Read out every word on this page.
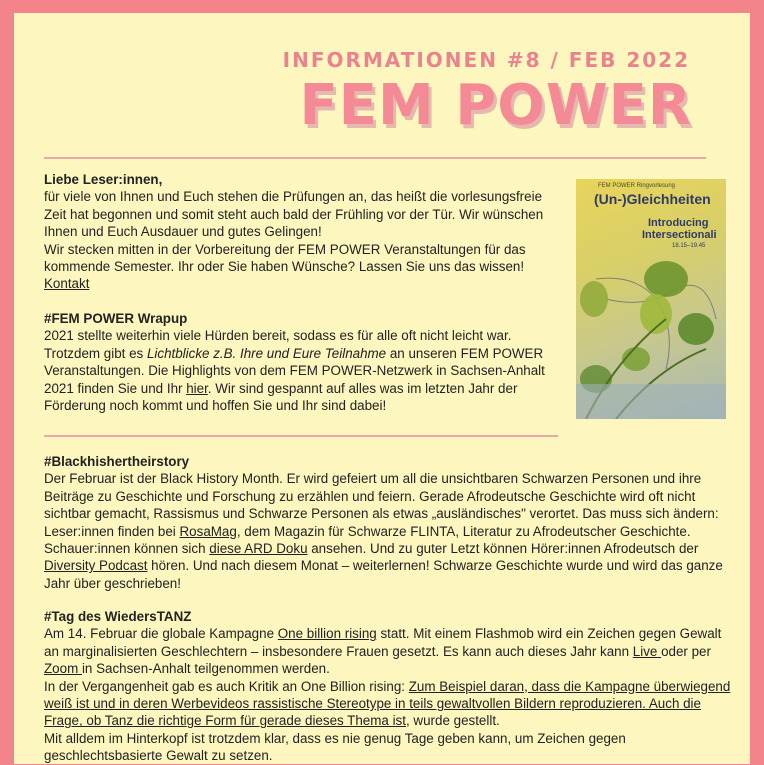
INFORMATIONEN #8 / FEB 2022
FEM POWER

Liebe Leser:innen,

für viele von Ihnen und Euch stehen die Prüfungen an, das heißt die vorlesungsfreie Zeit hat begonnen und somit steht auch bald der Frühling vor der Tür. Wir wünschen Ihnen und Euch Ausdauer und gutes Gelingen!

Wir stecken mitten in der Vorbereitung der FEM POWER Veranstaltungen für das kommende Semester. Ihr oder Sie haben Wünsche? Lassen Sie uns das wissen!

Kontakt

#FEM POWER Wrapup

2021 stellte weiterhin viele Hürden bereit, sodass es für alle oft nicht leicht war. Trotzdem gibt es Lichtblicke z.B. Ihre und Eure Teilnahme an unseren FEM POWER Veranstaltungen. Die Highlights von dem FEM POWER-Netzwerk in Sachsen-Anhalt 2021 finden Sie und Ihr hier. Wir sind gespannt auf alles was im letzten Jahr der Förderung noch kommt und hoffen Sie und Ihr sind dabei!

FEM POWER Ringvorlesung
(Un-)Gleichheiten
Introducing
Intersectionali
18.15–19.45

#Blackhishertheirstory

Der Februar ist der Black History Month. Er wird gefeiert um all die unsichtbaren Schwarzen Personen und ihre Beiträge zu Geschichte und Forschung zu erzählen und feiern. Gerade Afrodeutsche Geschichte wird oft nicht sichtbar gemacht, Rassismus und Schwarze Personen als etwas „ausländisches" verortet. Das muss sich ändern: Leser:innen finden bei RosaMag, dem Magazin für Schwarze FLINTA, Literatur zu Afrodeutscher Geschichte. Schauer:innen können sich diese ARD Doku ansehen. Und zu guter Letzt können Hörer:innen Afrodeutsch der Diversity Podcast hören. Und nach diesem Monat – weiterlernen! Schwarze Geschichte wurde und wird das ganze Jahr über geschrieben!

#Tag des WiedersTANZ

Am 14. Februar die globale Kampagne One billion rising statt. Mit einem Flashmob wird ein Zeichen gegen Gewalt an marginalisierten Geschlechtern – insbesondere Frauen gesetzt. Es kann auch dieses Jahr kann Live oder per Zoom in Sachsen-Anhalt teilgenommen werden.

In der Vergangenheit gab es auch Kritik an One Billion rising: Zum Beispiel daran, dass die Kampagne überwiegend weiß ist und in deren Werbevideos rassistische Stereotype in teils gewaltvollen Bildern reproduzieren. Auch die Frage, ob Tanz die richtige Form für gerade dieses Thema ist, wurde gestellt.

Mit alldem im Hinterkopf ist trotzdem klar, dass es nie genug Tage geben kann, um Zeichen gegen geschlechtsbasierte Gewalt zu setzen.
